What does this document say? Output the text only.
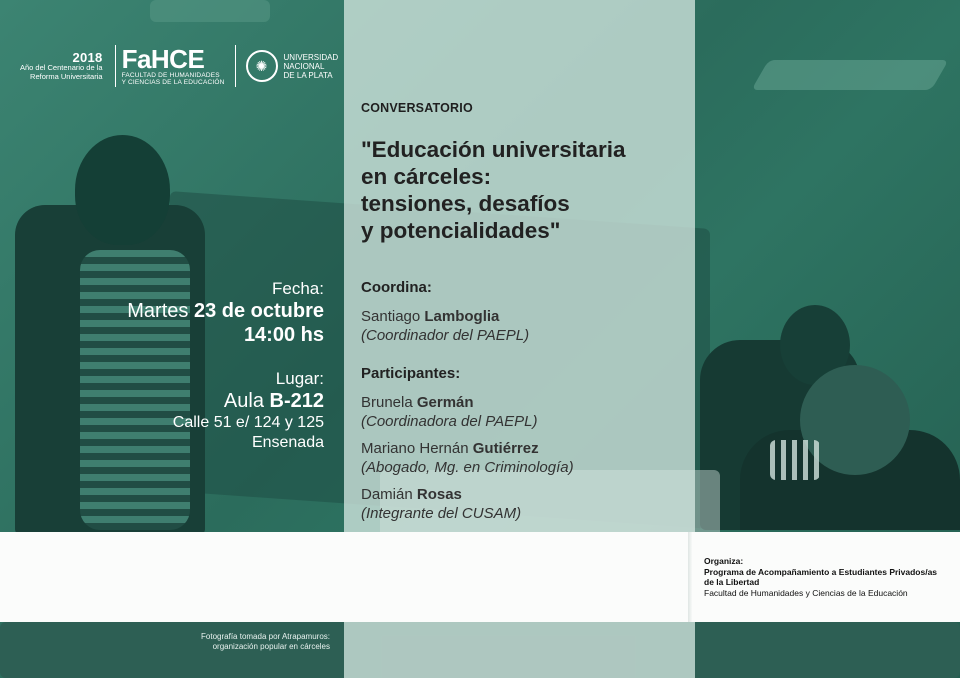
2018
Año del Centenario de la
Reforma Universitaria
FaHCE
FACULTAD DE HUMANIDADES
Y CIENCIAS DE LA EDUCACIÓN
✺
UNIVERSIDAD
NACIONAL
DE LA PLATA
Fecha:
Martes 23 de octubre
14:00 hs
Lugar:
Aula B-212
Calle 51 e/ 124 y 125
Ensenada
CONVERSATORIO
"Educación universitaria
en cárceles:
tensiones, desafíos
y potencialidades"
Coordina:
Santiago Lamboglia
(Coordinador del PAEPL)
Participantes:
Brunela Germán
(Coordinadora del PAEPL)
Mariano Hernán Gutiérrez
(Abogado, Mg. en Criminología)
Damián Rosas
(Integrante del CUSAM)
Organiza:
Programa de Acompañamiento a Estudiantes Privados/as
de la Libertad
Facultad de Humanidades y Ciencias de la Educación
Fotografía tomada por Atrapamuros:
organización popular en cárceles
